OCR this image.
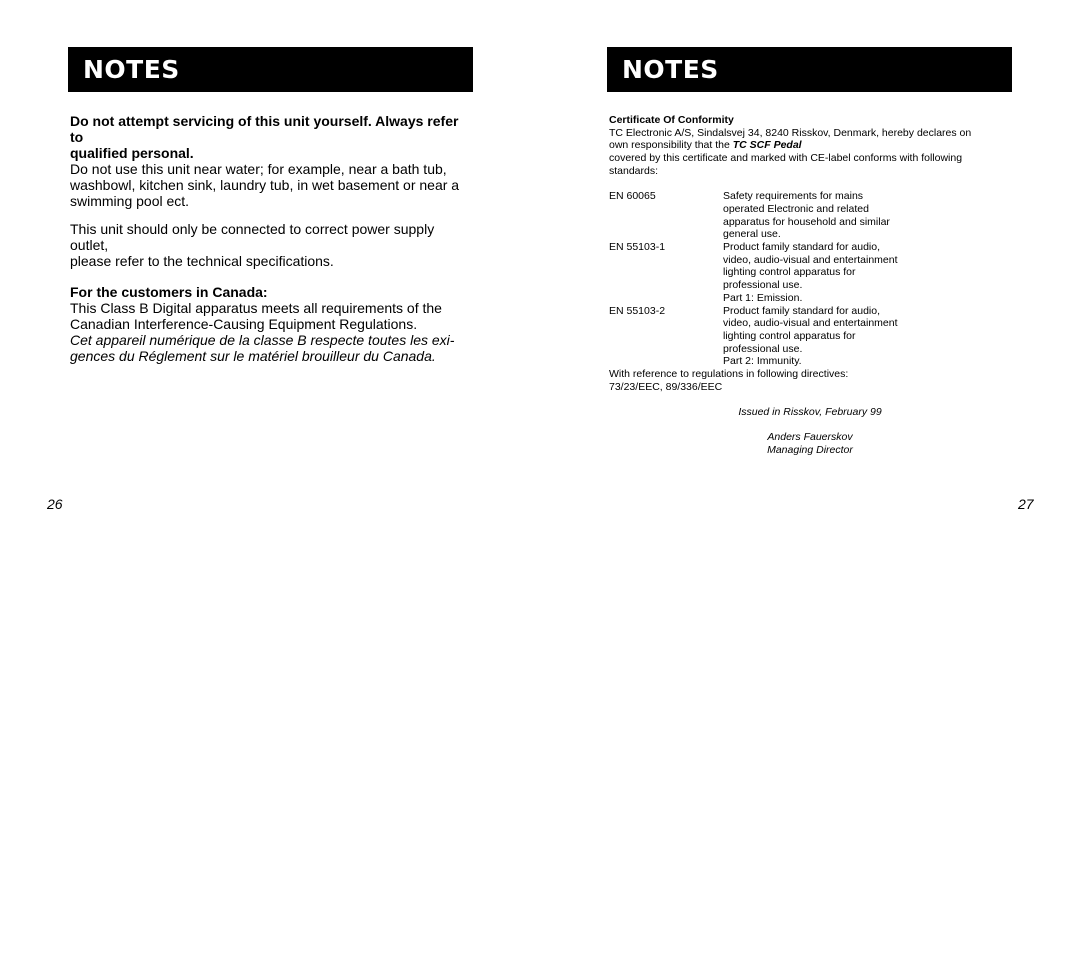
NOTES

Do not attempt servicing of this unit yourself. Always refer to
qualified personal.

Do not use this unit near water; for example, near a bath tub,
washbowl, kitchen sink, laundry tub, in wet basement or near a
swimming pool ect.

This unit should only be connected to correct power supply outlet,
please refer to the technical specifications.

For the customers in Canada:

This Class B Digital apparatus meets all requirements of the
Canadian Interference-Causing Equipment Regulations.

Cet appareil numérique de la classe B respecte toutes les exi-
gences du Réglement sur le matériel brouilleur du Canada.

26
NOTES

Certificate Of Conformity

TC Electronic A/S, Sindalsvej 34, 8240 Risskov, Denmark, hereby declares on
own responsibility that the TC SCF Pedal
covered by this certificate and marked with CE-label conforms with following
standards:

EN 60065	Safety requirements for mains
operated Electronic and related
apparatus for household and similar
general use.
EN 55103-1	Product family standard for audio,
video, audio-visual and entertainment
lighting control apparatus for
professional use.
Part 1: Emission.
EN 55103-2	Product family standard for audio,
video, audio-visual and entertainment
lighting control apparatus for
professional use.
Part 2: Immunity.

With reference to regulations in following directives:
73/23/EEC, 89/336/EEC

Issued in Risskov, February 99

Anders Fauerskov
Managing Director

27
